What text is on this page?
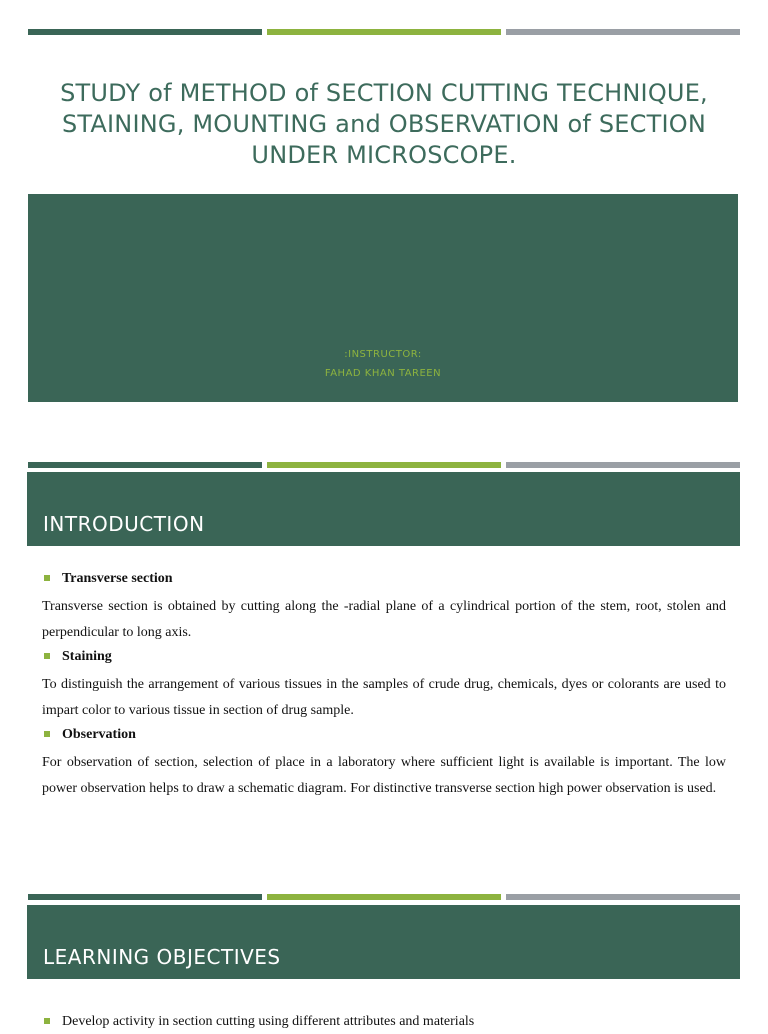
STUDY of METHOD of SECTION CUTTING TECHNIQUE, STAINING, MOUNTING and OBSERVATION of SECTION UNDER MICROSCOPE.
:INSTRUCTOR:
FAHAD KHAN TAREEN
INTRODUCTION
Transverse section

Transverse section is obtained by cutting along the -radial plane of a cylindrical portion of the stem, root, stolen and perpendicular to long axis.

Staining

To distinguish the arrangement of various tissues in the samples of crude drug, chemicals, dyes or colorants are used to impart color to various tissue in section of drug sample.

Observation

For observation of section, selection of place in a laboratory where sufficient light is available is important. The low power observation helps to draw a schematic diagram. For distinctive transverse section high power observation is used.

LEARNING OBJECTIVES
Develop activity in section cutting using different attributes and materials
